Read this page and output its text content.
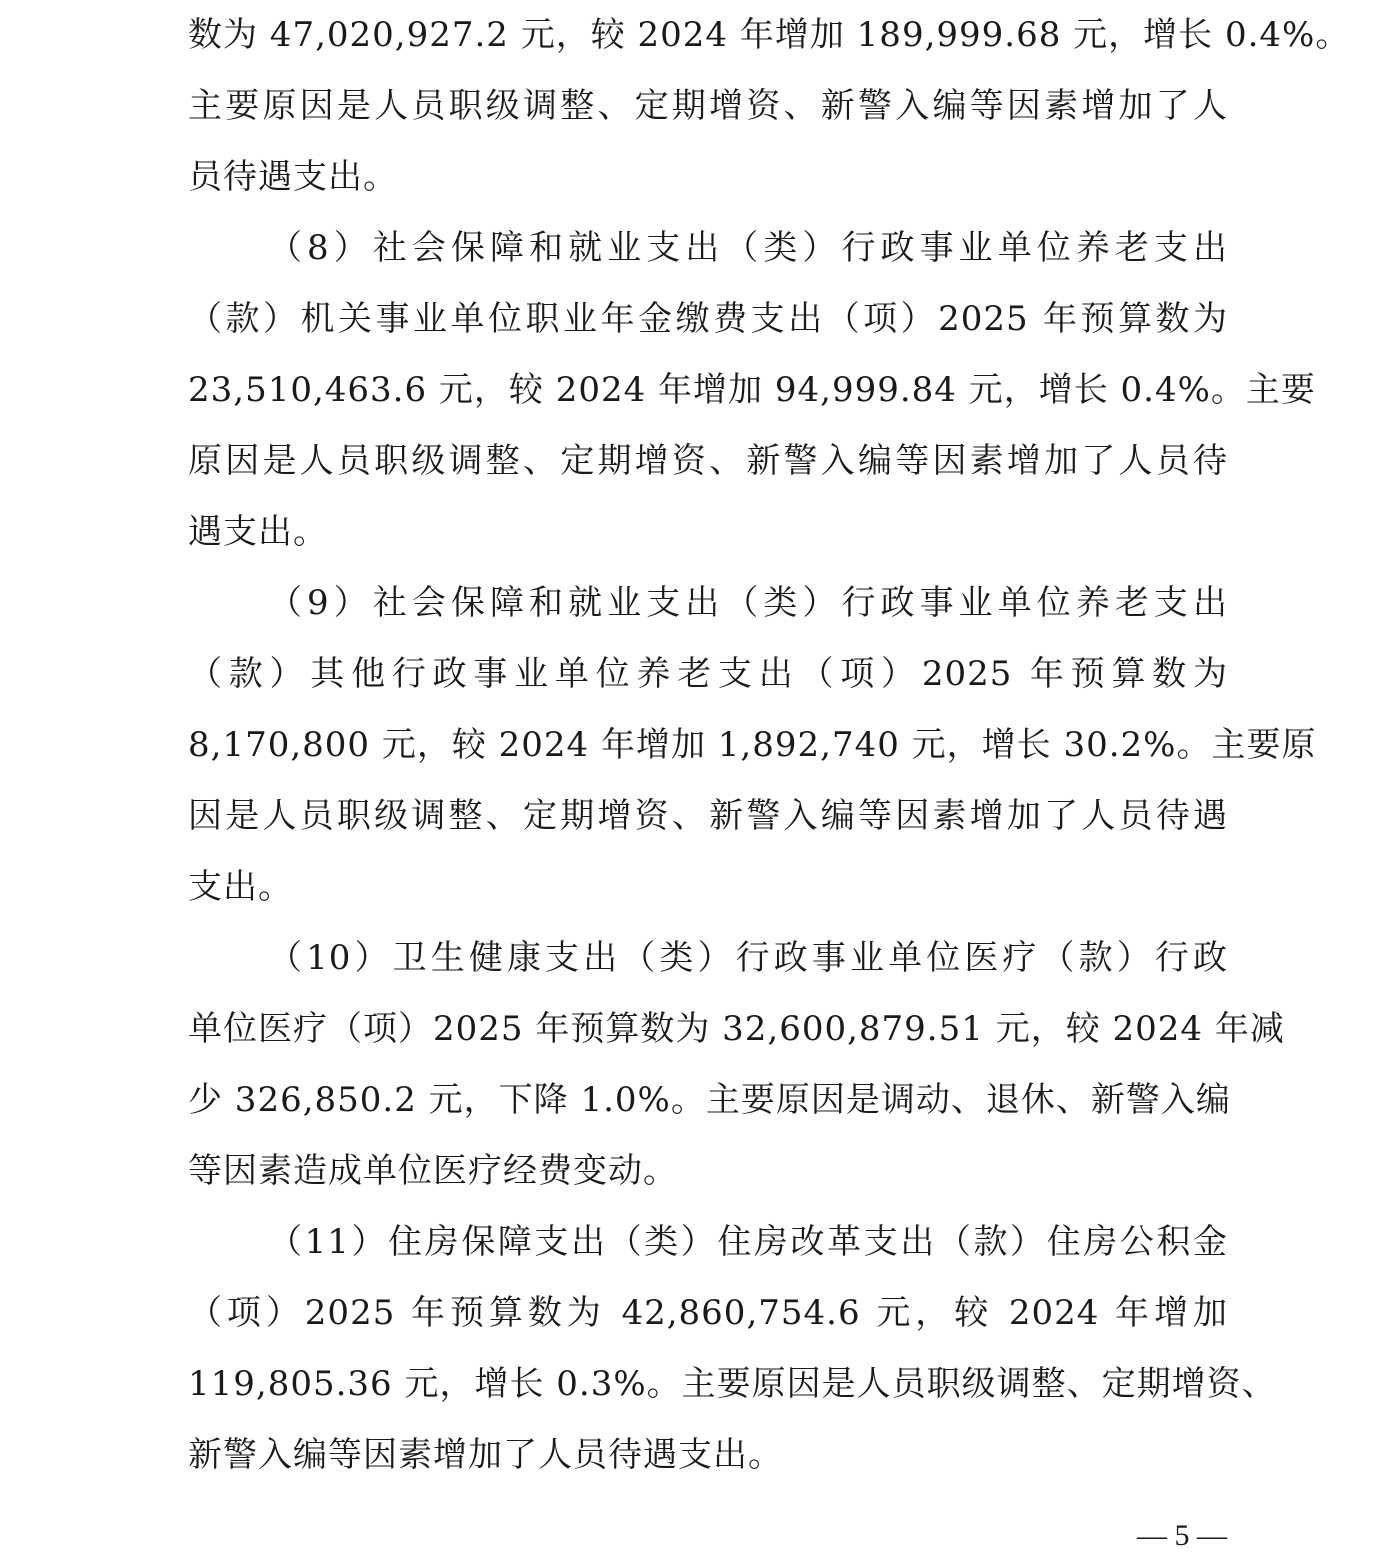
数为 47,020,927.2 元，较 2024 年增加 189,999.68 元，增长 0.4%。
主要原因是人员职级调整、定期增资、新警入编等因素增加了人
员待遇支出。
（8）社会保障和就业支出（类）行政事业单位养老支出
（款）机关事业单位职业年金缴费支出（项）2025 年预算数为
23,510,463.6 元，较 2024 年增加 94,999.84 元，增长 0.4%。主要
原因是人员职级调整、定期增资、新警入编等因素增加了人员待
遇支出。
（9）社会保障和就业支出（类）行政事业单位养老支出
（款）其他行政事业单位养老支出（项）2025 年预算数为
8,170,800 元，较 2024 年增加 1,892,740 元，增长 30.2%。主要原
因是人员职级调整、定期增资、新警入编等因素增加了人员待遇
支出。
（10）卫生健康支出（类）行政事业单位医疗（款）行政
单位医疗（项）2025 年预算数为 32,600,879.51 元，较 2024 年减
少 326,850.2 元，下降 1.0%。主要原因是调动、退休、新警入编
等因素造成单位医疗经费变动。
（11）住房保障支出（类）住房改革支出（款）住房公积金
（项）2025 年预算数为 42,860,754.6 元，较 2024 年增加
119,805.36 元，增长 0.3%。主要原因是人员职级调整、定期增资、
新警入编等因素增加了人员待遇支出。
— 5 —
